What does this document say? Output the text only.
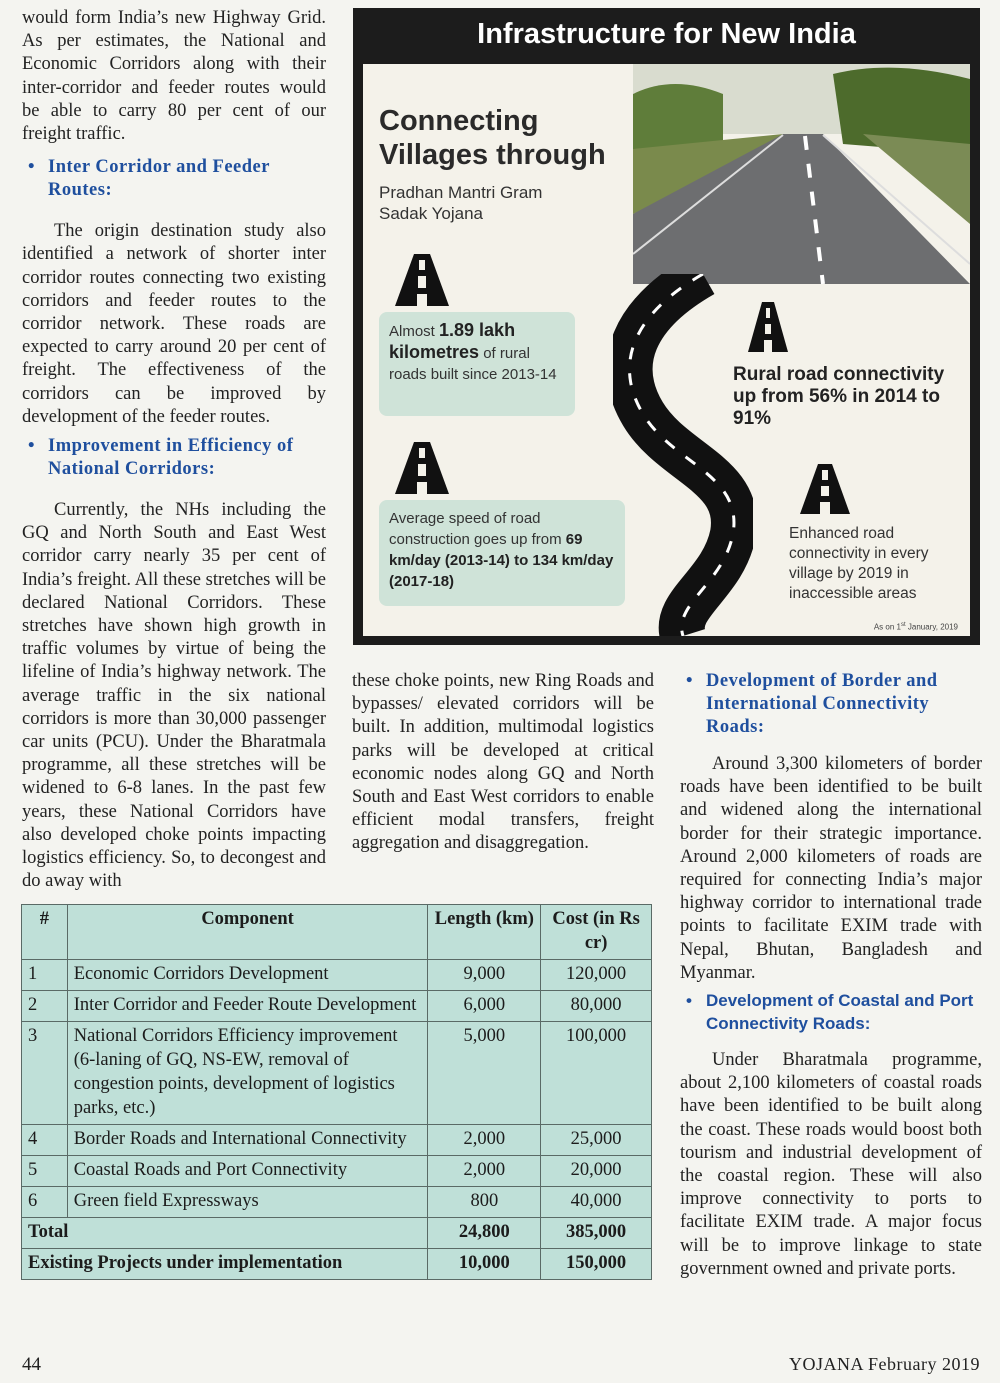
would form India’s new Highway Grid. As per estimates, the National and Economic Corridors along with their inter-corridor and feeder routes would be able to carry 80 per cent of our freight traffic.

• Inter Corridor and Feeder Routes:

The origin destination study also identified a network of shorter inter corridor routes connecting two existing corridors and feeder routes to the corridor network. These roads are expected to carry around 20 per cent of freight. The effectiveness of the corridors can be improved by development of the feeder routes.

• Improvement in Efficiency of National Corridors:

Currently, the NHs including the GQ and North South and East West corridor carry nearly 35 per cent of India’s freight. All these stretches will be declared National Corridors. These stretches have shown high growth in traffic volumes by virtue of being the lifeline of India’s highway network. The average traffic in the six national corridors is more than 30,000 passenger car units (PCU). Under the Bharatmala programme, all these stretches will be widened to 6-8 lanes. In the past few years, these National Corridors have also developed choke points impacting logistics efficiency. So, to decongest and do away with

Infrastructure for New India
Connecting
Villages through
Pradhan Mantri Gram
Sadak Yojana
Almost 1.89 lakh kilometres of rural roads built since 2013-14
Average speed of road construction goes up from 69 km/day (2013-14) to 134 km/day (2017-18)
Rural road connectivity up from 56% in 2014 to 91%
Enhanced road connectivity in every village by 2019 in inaccessible areas
As on 1st January, 2019

these choke points, new Ring Roads and bypasses/ elevated corridors will be built. In addition, multimodal logistics parks will be developed at critical economic nodes along GQ and North South and East West corridors to enable efficient modal transfers, freight aggregation and disaggregation.

• Development of Border and International Connectivity Roads:

Around 3,300 kilometers of border roads have been identified to be built and widened along the international border for their strategic importance. Around 2,000 kilometers of roads are required for connecting India’s major highway corridor to international trade points to facilitate EXIM trade with Nepal, Bhutan, Bangladesh and Myanmar.

• Development of Coastal and Port Connectivity Roads:

Under Bharatmala programme, about 2,100 kilometers of coastal roads have been identified to be built along the coast. These roads would boost both tourism and industrial development of the coastal region. These will also improve connectivity to ports to facilitate EXIM trade. A major focus will be to improve linkage to state government owned and private ports.

#	Component	Length (km)	Cost (in Rs cr)
1	Economic Corridors Development	9,000	120,000
2	Inter Corridor and Feeder Route Development	6,000	80,000
3	National Corridors Efficiency improvement (6-laning of GQ, NS-EW, removal of congestion points, development of logistics parks, etc.)	5,000	100,000
4	Border Roads and International Connectivity	2,000	25,000
5	Coastal Roads and Port Connectivity	2,000	20,000
6	Green field Expressways	800	40,000
Total		24,800	385,000
Existing Projects under implementation		10,000	150,000
44	YOJANA February 2019
